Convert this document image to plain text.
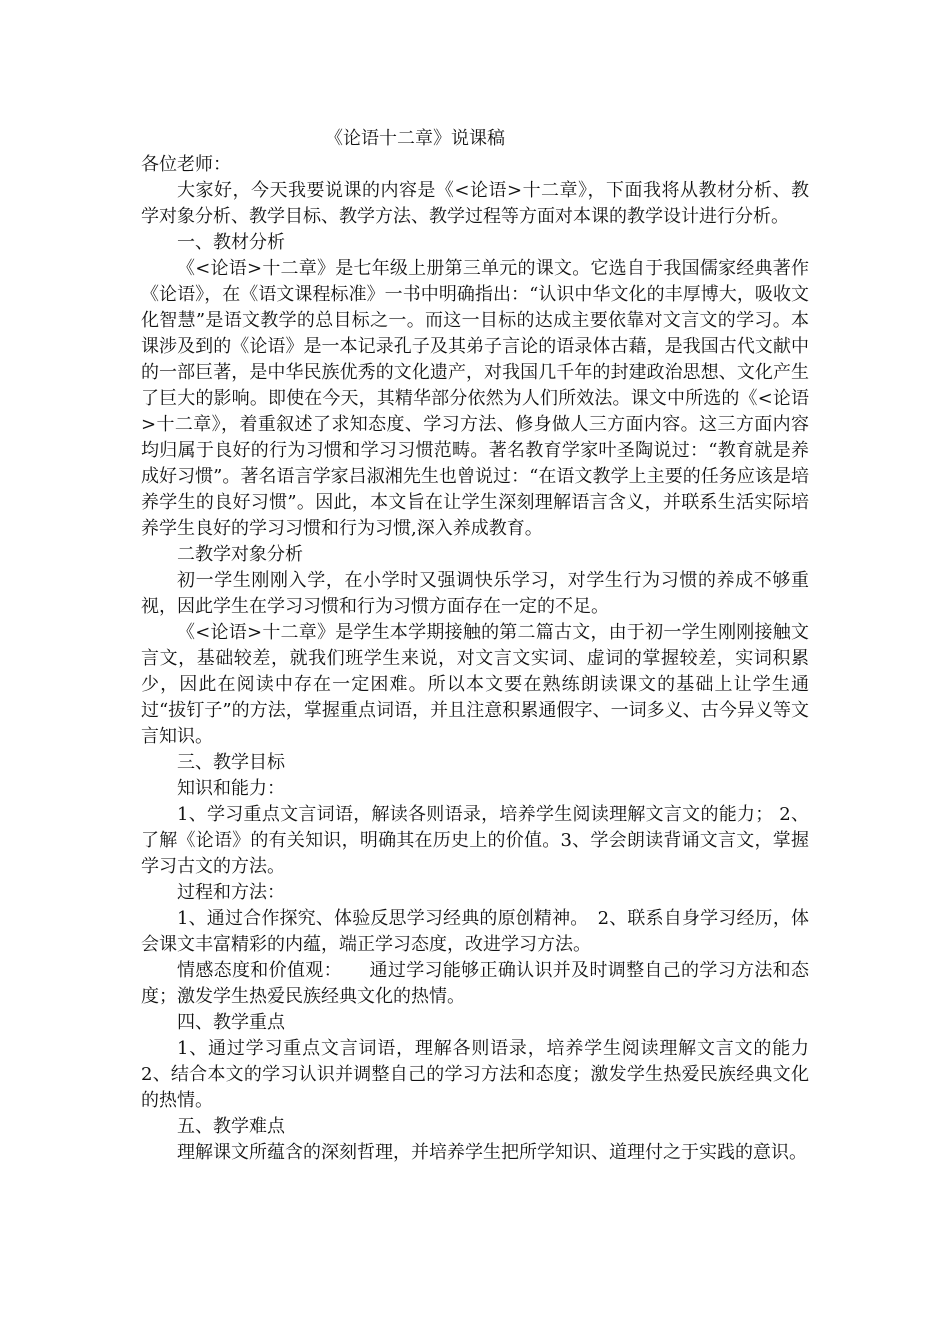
《论语十二章》说课稿

各位老师：

大家好，今天我要说课的内容是《<论语>十二章》，下面我将从教材分析、教学对象分析、教学目标、教学方法、教学过程等方面对本课的教学设计进行分析。

一、教材分析

《<论语>十二章》是七年级上册第三单元的课文。它选自于我国儒家经典著作《论语》，在《语文课程标准》一书中明确指出：“认识中华文化的丰厚博大，吸收文化智慧”是语文教学的总目标之一。而这一目标的达成主要依靠对文言文的学习。本课涉及到的《论语》是一本记录孔子及其弟子言论的语录体古藉，是我国古代文献中的一部巨著，是中华民族优秀的文化遗产，对我国几千年的封建政治思想、文化产生了巨大的影响。即使在今天，其精华部分依然为人们所效法。课文中所选的《<论语>十二章》，着重叙述了求知态度、学习方法、修身做人三方面内容。这三方面内容均归属于良好的行为习惯和学习习惯范畴。著名教育学家叶圣陶说过：“教育就是养成好习惯”。著名语言学家吕淑湘先生也曾说过：“在语文教学上主要的任务应该是培养学生的良好习惯”。因此，本文旨在让学生深刻理解语言含义，并联系生活实际培养学生良好的学习习惯和行为习惯,深入养成教育。

二教学对象分析

初一学生刚刚入学，在小学时又强调快乐学习，对学生行为习惯的养成不够重视，因此学生在学习习惯和行为习惯方面存在一定的不足。

《<论语>十二章》是学生本学期接触的第二篇古文，由于初一学生刚刚接触文言文，基础较差，就我们班学生来说，对文言文实词、虚词的掌握较差，实词积累少，因此在阅读中存在一定困难。所以本文要在熟练朗读课文的基础上让学生通过“拔钉子”的方法，掌握重点词语，并且注意积累通假字、一词多义、古今异义等文言知识。

三、教学目标

知识和能力：

1、学习重点文言词语，解读各则语录，培养学生阅读理解文言文的能力； 2、了解《论语》的有关知识，明确其在历史上的价值。3、学会朗读背诵文言文，掌握学习古文的方法。

过程和方法：

1、通过合作探究、体验反思学习经典的原创精神。　2、联系自身学习经历，体会课文丰富精彩的内蕴，端正学习态度，改进学习方法。

情感态度和价值观：　　通过学习能够正确认识并及时调整自己的学习方法和态度；激发学生热爱民族经典文化的热情。

四、教学重点

1、通过学习重点文言词语，理解各则语录，培养学生阅读理解文言文的能力2、结合本文的学习认识并调整自己的学习方法和态度；激发学生热爱民族经典文化的热情。

五、教学难点

理解课文所蕴含的深刻哲理，并培养学生把所学知识、道理付之于实践的意识。
